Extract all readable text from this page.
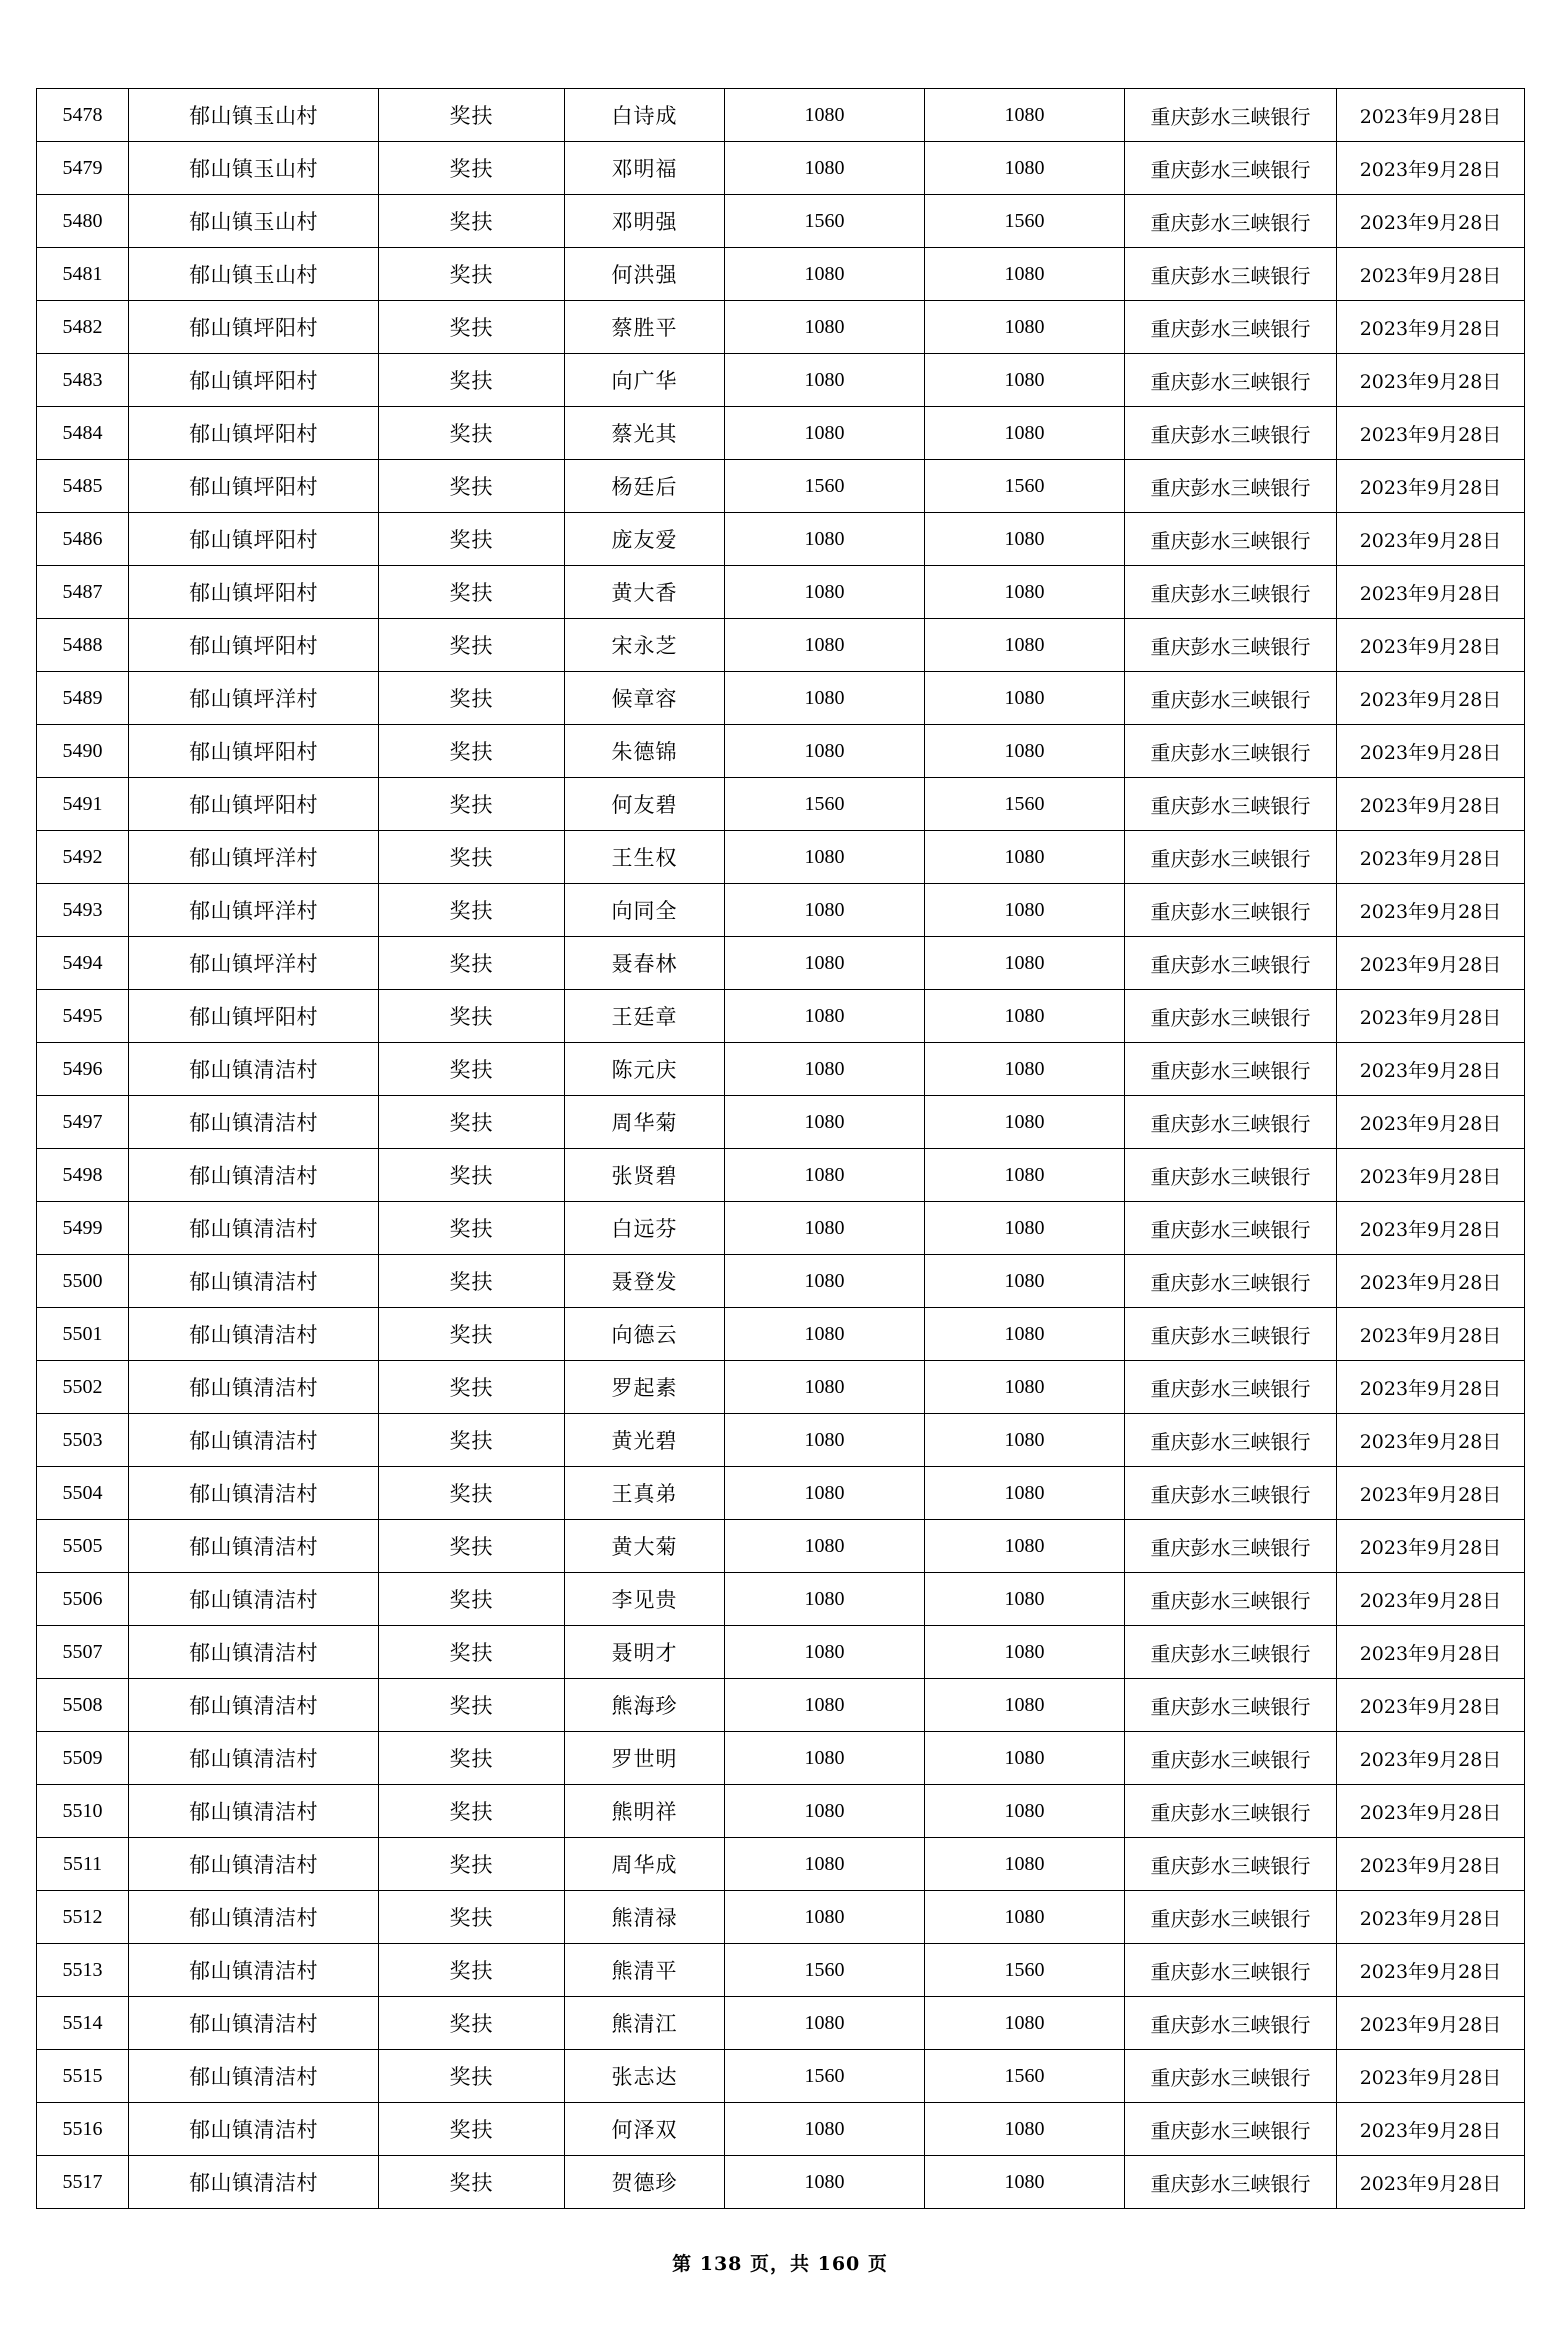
5478	郁山镇玉山村	奖扶	白诗成	1080	1080	重庆彭水三峡银行	2023年9月28日
5479	郁山镇玉山村	奖扶	邓明福	1080	1080	重庆彭水三峡银行	2023年9月28日
5480	郁山镇玉山村	奖扶	邓明强	1560	1560	重庆彭水三峡银行	2023年9月28日
5481	郁山镇玉山村	奖扶	何洪强	1080	1080	重庆彭水三峡银行	2023年9月28日
5482	郁山镇坪阳村	奖扶	蔡胜平	1080	1080	重庆彭水三峡银行	2023年9月28日
5483	郁山镇坪阳村	奖扶	向广华	1080	1080	重庆彭水三峡银行	2023年9月28日
5484	郁山镇坪阳村	奖扶	蔡光其	1080	1080	重庆彭水三峡银行	2023年9月28日
5485	郁山镇坪阳村	奖扶	杨廷后	1560	1560	重庆彭水三峡银行	2023年9月28日
5486	郁山镇坪阳村	奖扶	庞友爱	1080	1080	重庆彭水三峡银行	2023年9月28日
5487	郁山镇坪阳村	奖扶	黄大香	1080	1080	重庆彭水三峡银行	2023年9月28日
5488	郁山镇坪阳村	奖扶	宋永芝	1080	1080	重庆彭水三峡银行	2023年9月28日
5489	郁山镇坪洋村	奖扶	候章容	1080	1080	重庆彭水三峡银行	2023年9月28日
5490	郁山镇坪阳村	奖扶	朱德锦	1080	1080	重庆彭水三峡银行	2023年9月28日
5491	郁山镇坪阳村	奖扶	何友碧	1560	1560	重庆彭水三峡银行	2023年9月28日
5492	郁山镇坪洋村	奖扶	王生权	1080	1080	重庆彭水三峡银行	2023年9月28日
5493	郁山镇坪洋村	奖扶	向同全	1080	1080	重庆彭水三峡银行	2023年9月28日
5494	郁山镇坪洋村	奖扶	聂春林	1080	1080	重庆彭水三峡银行	2023年9月28日
5495	郁山镇坪阳村	奖扶	王廷章	1080	1080	重庆彭水三峡银行	2023年9月28日
5496	郁山镇清洁村	奖扶	陈元庆	1080	1080	重庆彭水三峡银行	2023年9月28日
5497	郁山镇清洁村	奖扶	周华菊	1080	1080	重庆彭水三峡银行	2023年9月28日
5498	郁山镇清洁村	奖扶	张贤碧	1080	1080	重庆彭水三峡银行	2023年9月28日
5499	郁山镇清洁村	奖扶	白远芬	1080	1080	重庆彭水三峡银行	2023年9月28日
5500	郁山镇清洁村	奖扶	聂登发	1080	1080	重庆彭水三峡银行	2023年9月28日
5501	郁山镇清洁村	奖扶	向德云	1080	1080	重庆彭水三峡银行	2023年9月28日
5502	郁山镇清洁村	奖扶	罗起素	1080	1080	重庆彭水三峡银行	2023年9月28日
5503	郁山镇清洁村	奖扶	黄光碧	1080	1080	重庆彭水三峡银行	2023年9月28日
5504	郁山镇清洁村	奖扶	王真弟	1080	1080	重庆彭水三峡银行	2023年9月28日
5505	郁山镇清洁村	奖扶	黄大菊	1080	1080	重庆彭水三峡银行	2023年9月28日
5506	郁山镇清洁村	奖扶	李见贵	1080	1080	重庆彭水三峡银行	2023年9月28日
5507	郁山镇清洁村	奖扶	聂明才	1080	1080	重庆彭水三峡银行	2023年9月28日
5508	郁山镇清洁村	奖扶	熊海珍	1080	1080	重庆彭水三峡银行	2023年9月28日
5509	郁山镇清洁村	奖扶	罗世明	1080	1080	重庆彭水三峡银行	2023年9月28日
5510	郁山镇清洁村	奖扶	熊明祥	1080	1080	重庆彭水三峡银行	2023年9月28日
5511	郁山镇清洁村	奖扶	周华成	1080	1080	重庆彭水三峡银行	2023年9月28日
5512	郁山镇清洁村	奖扶	熊清禄	1080	1080	重庆彭水三峡银行	2023年9月28日
5513	郁山镇清洁村	奖扶	熊清平	1560	1560	重庆彭水三峡银行	2023年9月28日
5514	郁山镇清洁村	奖扶	熊清江	1080	1080	重庆彭水三峡银行	2023年9月28日
5515	郁山镇清洁村	奖扶	张志达	1560	1560	重庆彭水三峡银行	2023年9月28日
5516	郁山镇清洁村	奖扶	何泽双	1080	1080	重庆彭水三峡银行	2023年9月28日
5517	郁山镇清洁村	奖扶	贺德珍	1080	1080	重庆彭水三峡银行	2023年9月28日
第 138 页，共 160 页
